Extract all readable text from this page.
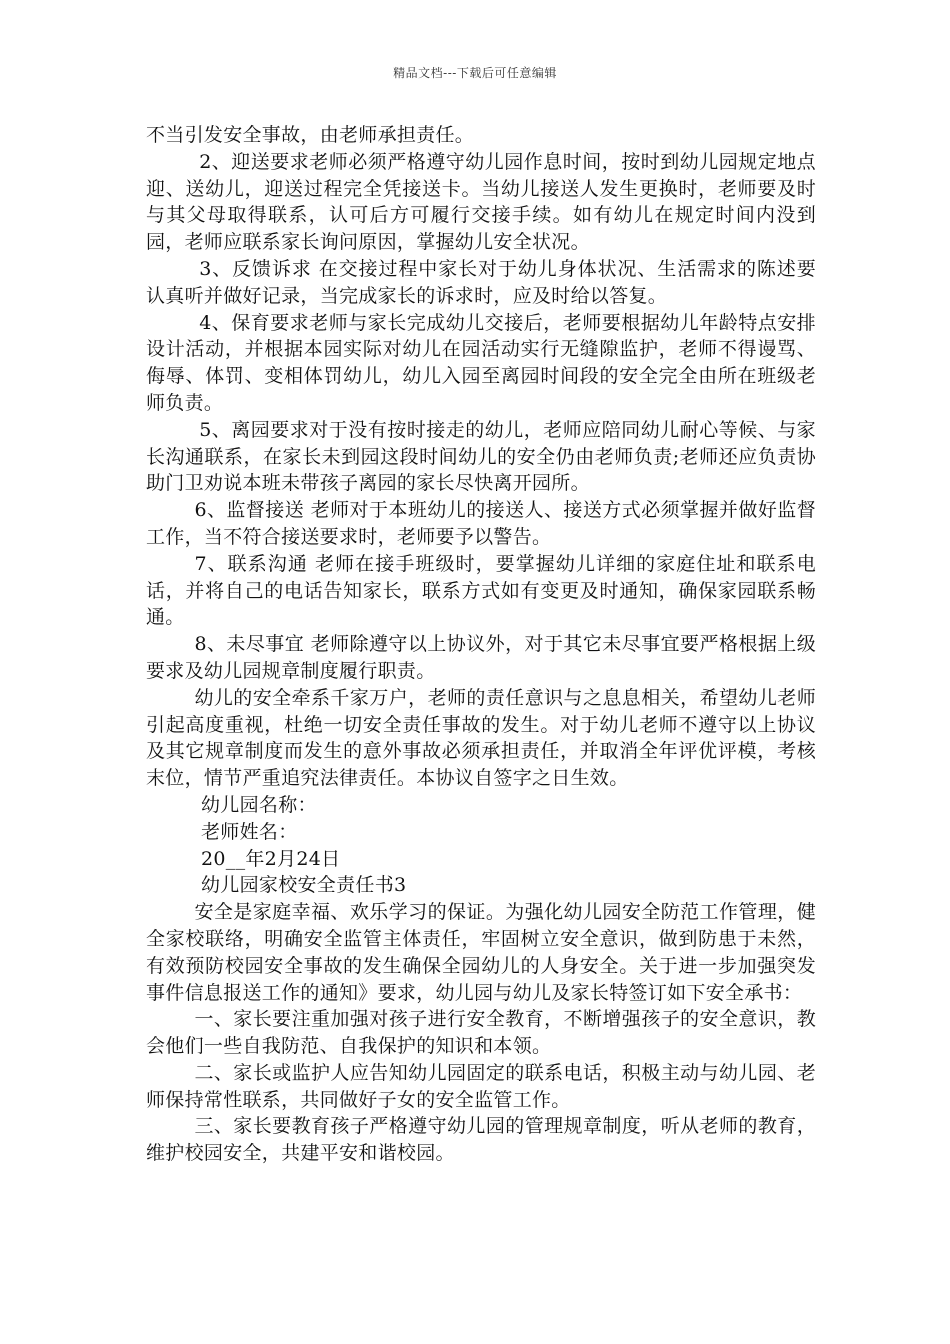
精品文档---下载后可任意编辑

不当引发安全事故，由老师承担责任。

2、迎送要求老师必须严格遵守幼儿园作息时间，按时到幼儿园规定地点迎、送幼儿，迎送过程完全凭接送卡。当幼儿接送人发生更换时，老师要及时与其父母取得联系，认可后方可履行交接手续。如有幼儿在规定时间内没到园，老师应联系家长询问原因，掌握幼儿安全状况。

3、反馈诉求 在交接过程中家长对于幼儿身体状况、生活需求的陈述要认真听并做好记录，当完成家长的诉求时，应及时给以答复。

4、保育要求老师与家长完成幼儿交接后，老师要根据幼儿年龄特点安排设计活动，并根据本园实际对幼儿在园活动实行无缝隙监护，老师不得谩骂、侮辱、体罚、变相体罚幼儿，幼儿入园至离园时间段的安全完全由所在班级老师负责。

5、离园要求对于没有按时接走的幼儿，老师应陪同幼儿耐心等候、与家长沟通联系，在家长未到园这段时间幼儿的安全仍由老师负责;老师还应负责协助门卫劝说本班未带孩子离园的家长尽快离开园所。

6、监督接送 老师对于本班幼儿的接送人、接送方式必须掌握并做好监督工作，当不符合接送要求时，老师要予以警告。

7、联系沟通 老师在接手班级时，要掌握幼儿详细的家庭住址和联系电话，并将自己的电话告知家长，联系方式如有变更及时通知，确保家园联系畅通。

8、未尽事宜 老师除遵守以上协议外，对于其它未尽事宜要严格根据上级要求及幼儿园规章制度履行职责。

幼儿的安全牵系千家万户，老师的责任意识与之息息相关，希望幼儿老师引起高度重视，杜绝一切安全责任事故的发生。对于幼儿老师不遵守以上协议及其它规章制度而发生的意外事故必须承担责任，并取消全年评优评模，考核末位，情节严重追究法律责任。本协议自签字之日生效。

幼儿园名称：

老师姓名：

20__年2月24日

幼儿园家校安全责任书3

安全是家庭幸福、欢乐学习的保证。为强化幼儿园安全防范工作管理，健全家校联络，明确安全监管主体责任，牢固树立安全意识，做到防患于未然，有效预防校园安全事故的发生确保全园幼儿的人身安全。关于进一步加强突发事件信息报送工作的通知》要求，幼儿园与幼儿及家长特签订如下安全承书：

一、家长要注重加强对孩子进行安全教育，不断增强孩子的安全意识，教会他们一些自我防范、自我保护的知识和本领。

二、家长或监护人应告知幼儿园固定的联系电话，积极主动与幼儿园、老师保持常性联系，共同做好子女的安全监管工作。

三、家长要教育孩子严格遵守幼儿园的管理规章制度，听从老师的教育，维护校园安全，共建平安和谐校园。
